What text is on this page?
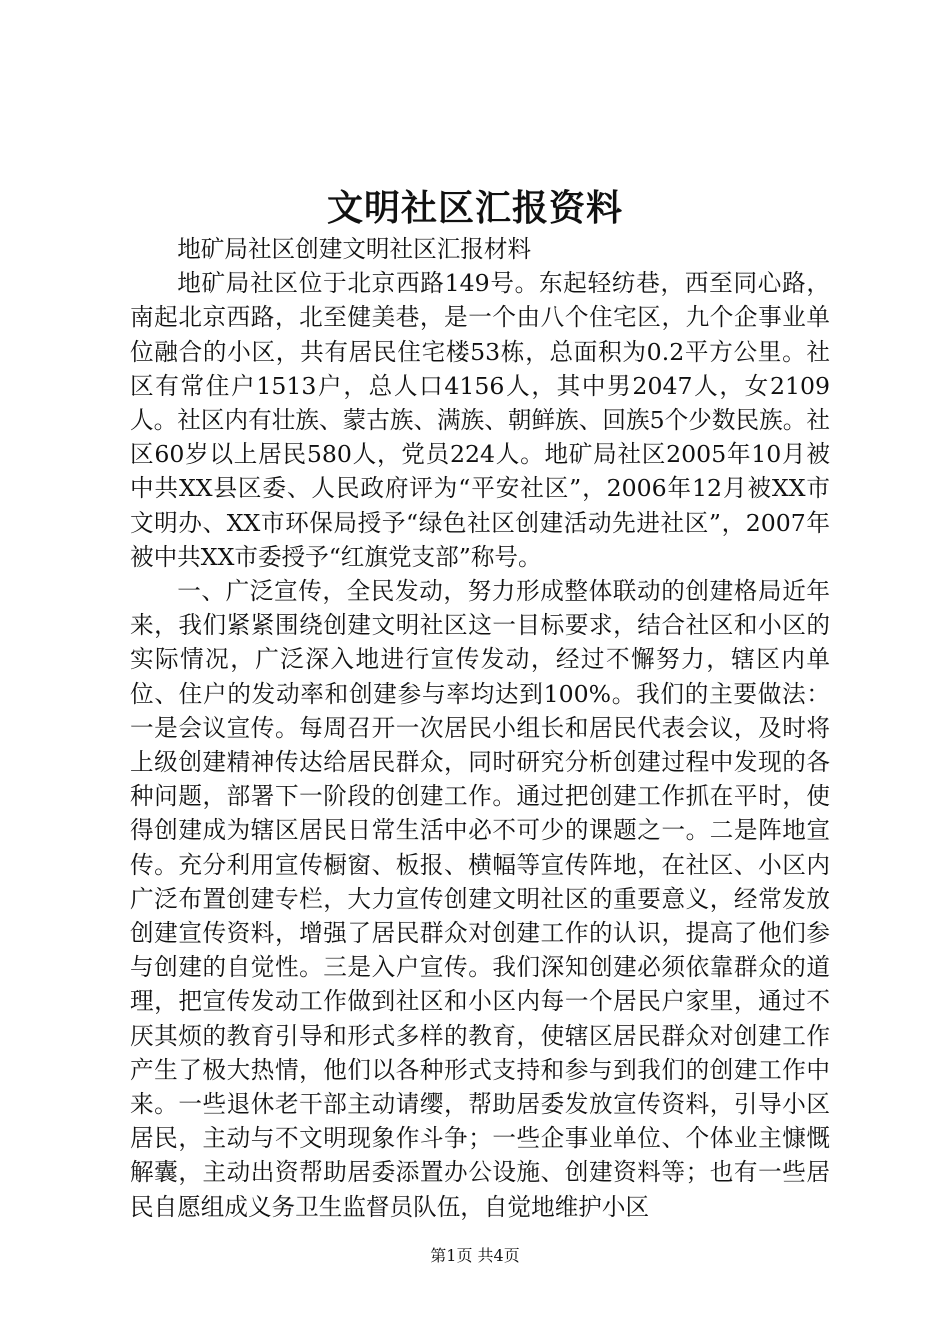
文明社区汇报资料

地矿局社区创建文明社区汇报材料

地矿局社区位于北京西路149号。东起轻纺巷，西至同心路，南起北京西路，北至健美巷，是一个由八个住宅区，九个企事业单位融合的小区，共有居民住宅楼53栋，总面积为0.2平方公里。社区有常住户1513户，总人口4156人，其中男2047人，女2109人。社区内有壮族、蒙古族、满族、朝鲜族、回族5个少数民族。社区60岁以上居民580人，党员224人。地矿局社区2005年10月被中共XX县区委、人民政府评为“平安社区”，2006年12月被XX市文明办、XX市环保局授予“绿色社区创建活动先进社区”，2007年被中共XX市委授予“红旗党支部”称号。

一、广泛宣传，全民发动，努力形成整体联动的创建格局近年来，我们紧紧围绕创建文明社区这一目标要求，结合社区和小区的实际情况，广泛深入地进行宣传发动，经过不懈努力，辖区内单位、住户的发动率和创建参与率均达到100%。我们的主要做法：一是会议宣传。每周召开一次居民小组长和居民代表会议，及时将上级创建精神传达给居民群众，同时研究分析创建过程中发现的各种问题，部署下一阶段的创建工作。通过把创建工作抓在平时，使得创建成为辖区居民日常生活中必不可少的课题之一。二是阵地宣传。充分利用宣传橱窗、板报、横幅等宣传阵地，在社区、小区内广泛布置创建专栏，大力宣传创建文明社区的重要意义，经常发放创建宣传资料，增强了居民群众对创建工作的认识，提高了他们参与创建的自觉性。三是入户宣传。我们深知创建必须依靠群众的道理，把宣传发动工作做到社区和小区内每一个居民户家里，通过不厌其烦的教育引导和形式多样的教育，使辖区居民群众对创建工作产生了极大热情，他们以各种形式支持和参与到我们的创建工作中来。一些退休老干部主动请缨，帮助居委发放宣传资料，引导小区居民，主动与不文明现象作斗争；一些企事业单位、个体业主慷慨解囊，主动出资帮助居委添置办公设施、创建资料等；也有一些居民自愿组成义务卫生监督员队伍，自觉地维护小区

第1页 共4页
